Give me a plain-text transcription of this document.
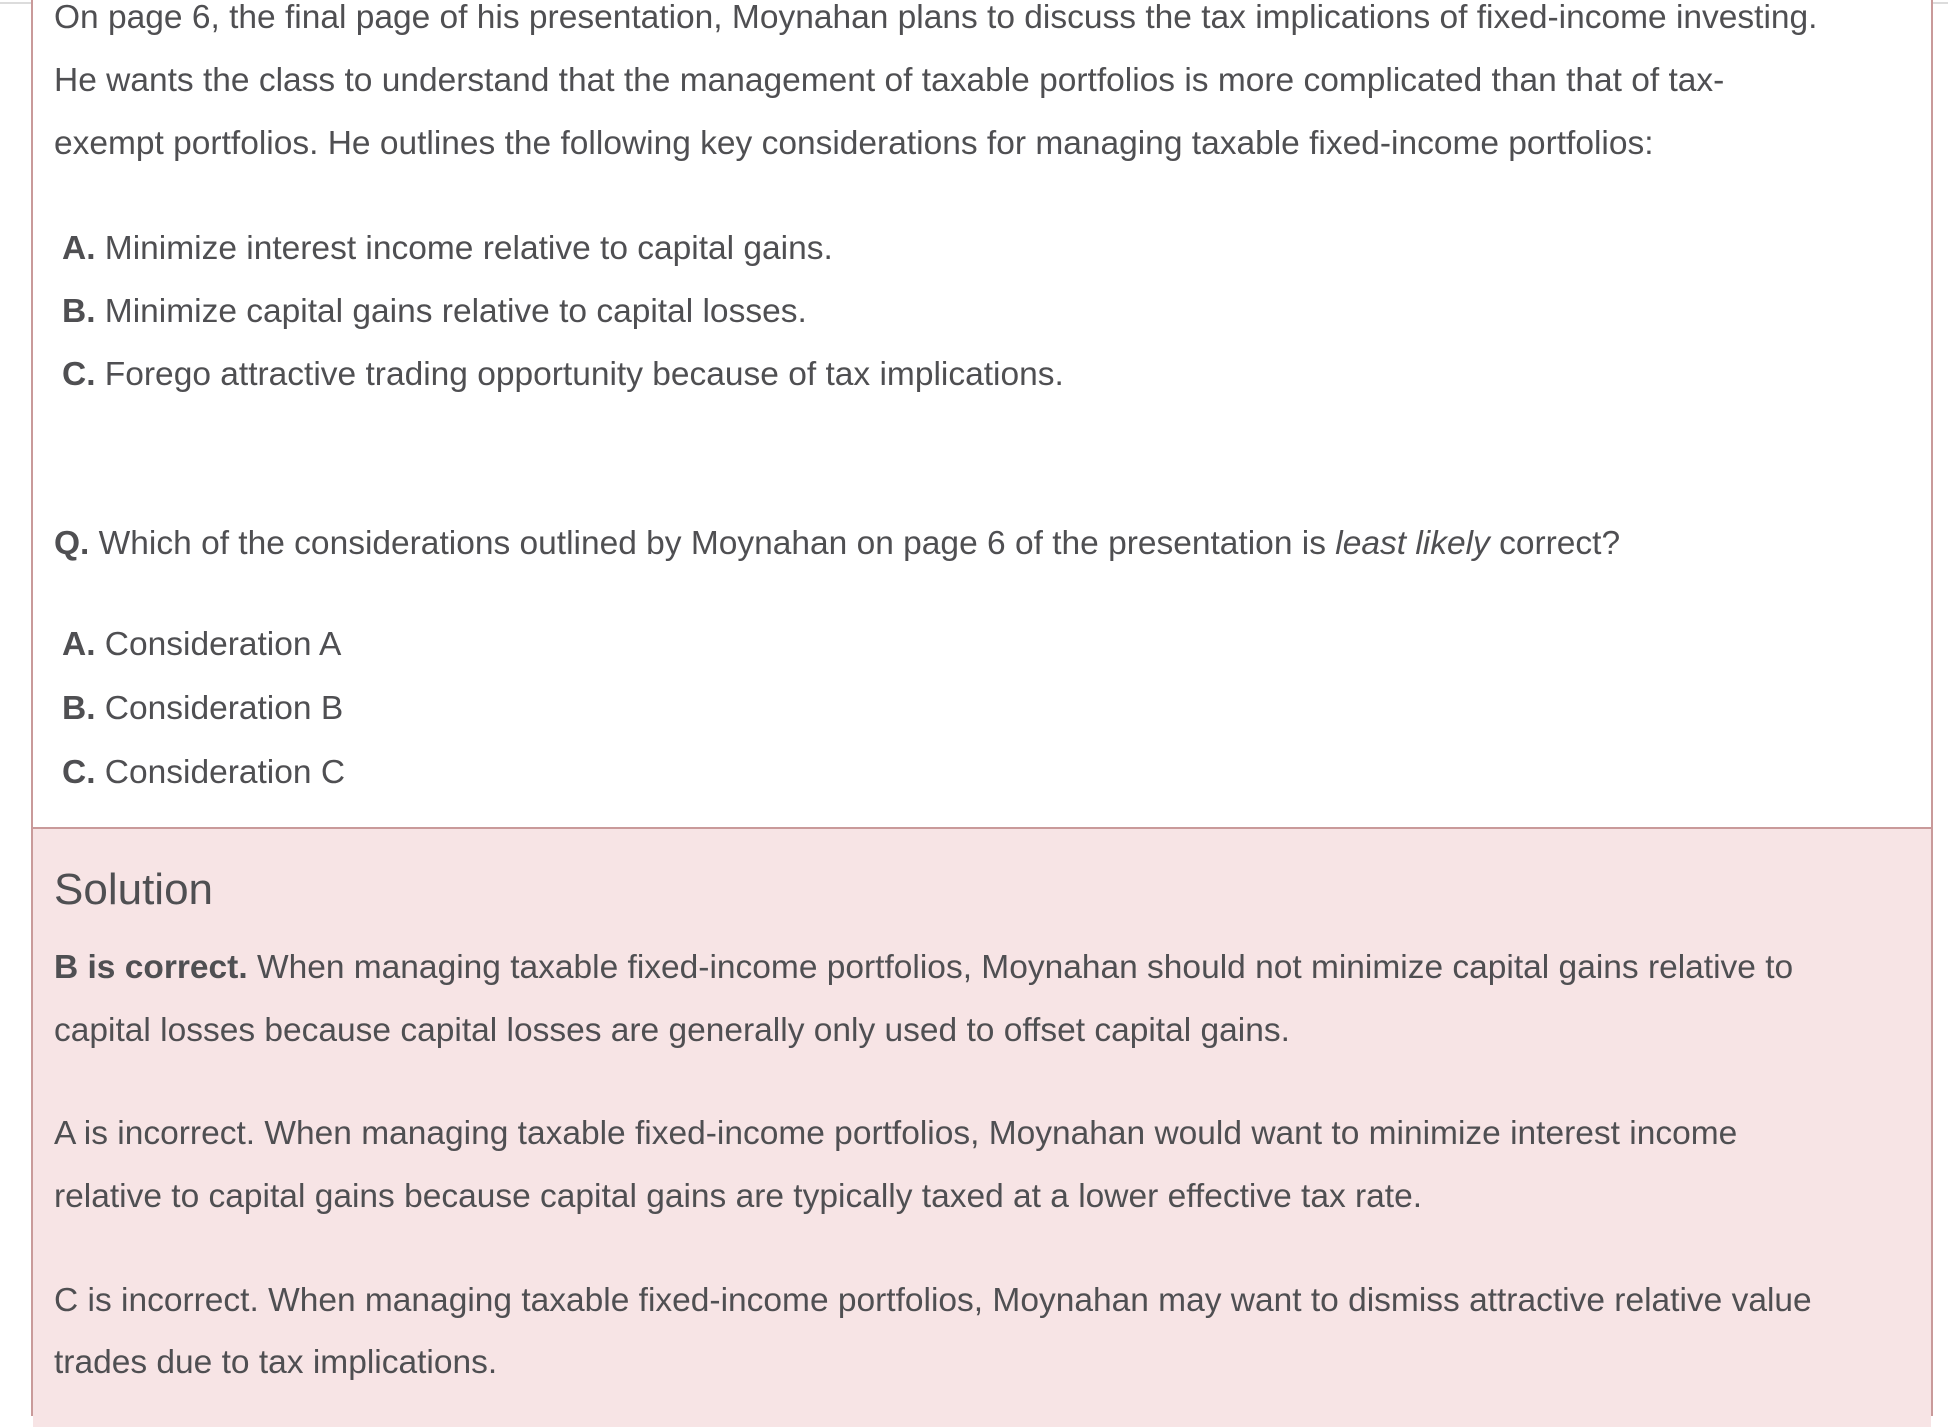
On page 6, the final page of his presentation, Moynahan plans to discuss the tax implications of fixed-income investing.
He wants the class to understand that the management of taxable portfolios is more complicated than that of tax-
exempt portfolios. He outlines the following key considerations for managing taxable fixed-income portfolios:
A. Minimize interest income relative to capital gains.
B. Minimize capital gains relative to capital losses.
C. Forego attractive trading opportunity because of tax implications.
Q. Which of the considerations outlined by Moynahan on page 6 of the presentation is least likely correct?
A. Consideration A
B. Consideration B
C. Consideration C
Solution
B is correct. When managing taxable fixed-income portfolios, Moynahan should not minimize capital gains relative to
capital losses because capital losses are generally only used to offset capital gains.
A is incorrect. When managing taxable fixed-income portfolios, Moynahan would want to minimize interest income
relative to capital gains because capital gains are typically taxed at a lower effective tax rate.
C is incorrect. When managing taxable fixed-income portfolios, Moynahan may want to dismiss attractive relative value
trades due to tax implications.
